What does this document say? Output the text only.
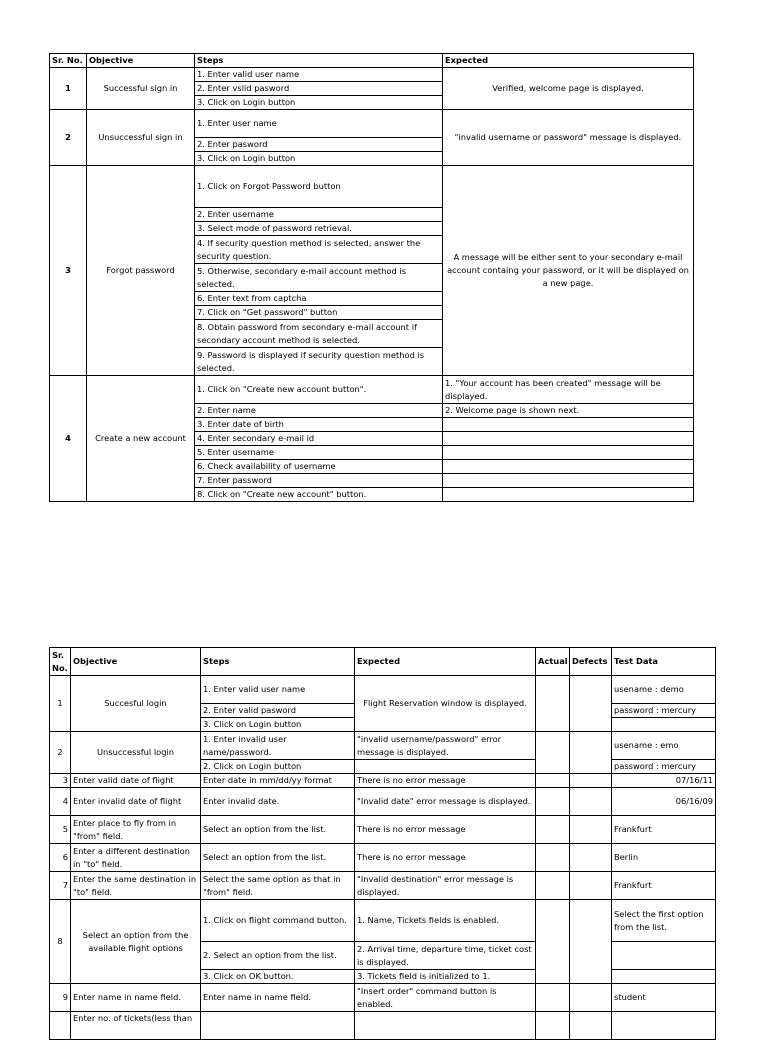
Sr. No.	Objective	Steps	Expected
1	Successful sign in	1. Enter valid user name	Verified, welcome page is displayed.
		2. Enter vslid pasword	
		3. Click on Login button	
2	Unsuccessful sign in	1. Enter user name	"invalid username or password" message is displayed.
		2. Enter pasword	
		3. Click on Login button	
3	Forgot password	1. Click on Forgot Password button	A message will be either sent to your secondary e-mail account containg your password, or it will be displayed on a new page.
		2. Enter username	
		3. Select mode of password retrieval.	
		4. If security question method is selected, answer the security question.	
		5. Otherwise, secondary e-mail account method is selected.	
		6. Enter text from captcha	
		7. Click on "Get password" button	
		8. Obtain password from secondary e-mail account if secondary account method is selected.	
		9. Password is displayed if security question method is selected.	
4	Create a new account	1. Click on "Create new account button".	1. "Your account has been created" message will be displayed.
		2. Enter name	2. Welcome page is shown next.
		3. Enter date of birth	
		4. Enter secondary e-mail id	
		5. Enter username	
		6. Check availability of username	
		7. Enter password	
		8. Click on "Create new account" button.	
Sr. No.	Objective	Steps	Expected	Actual	Defects	Test Data
1	Succesful login	1. Enter valid user name	Flight Reservation window is displayed.			usename : demo
		2. Enter valid pasword				password : mercury
		3. Click on Login button				
2	Unsuccessful login	1. Enter invalid user name/password.	"invalid username/password" error message is displayed.			usename : emo
		2. Click on Login button				password : mercury
3	Enter valid date of flight	Enter date in mm/dd/yy format	There is no error message			07/16/11
4	Enter invalid date of flight	Enter invalid date.	"Invalid date" error message is displayed.			06/16/09
5	Enter place to fly from in "from" field.	Select an option from the list.	There is no error message			Frankfurt
6	Enter a different destination in "to" field.	Select an option from the list.	There is no error message			Berlin
7	Enter the same destination in "to" field.	Select the same option as that in "from" field.	"Invalid destination" error message is displayed.			Frankfurt
8	Select an option from the available flight options	1. Click on flight command button.	1. Name, Tickets fields is enabled.			Select the first option from the list.
		2. Select an option from the list.	2. Arrival time, departure time, ticket cost is displayed.			
		3. Click on OK button.	3. Tickets field is initialized to 1.			
9	Enter name in name field.	Enter name in name field.	"Insert order" command button is enabled.			student
	Enter no. of tickets(less than					
